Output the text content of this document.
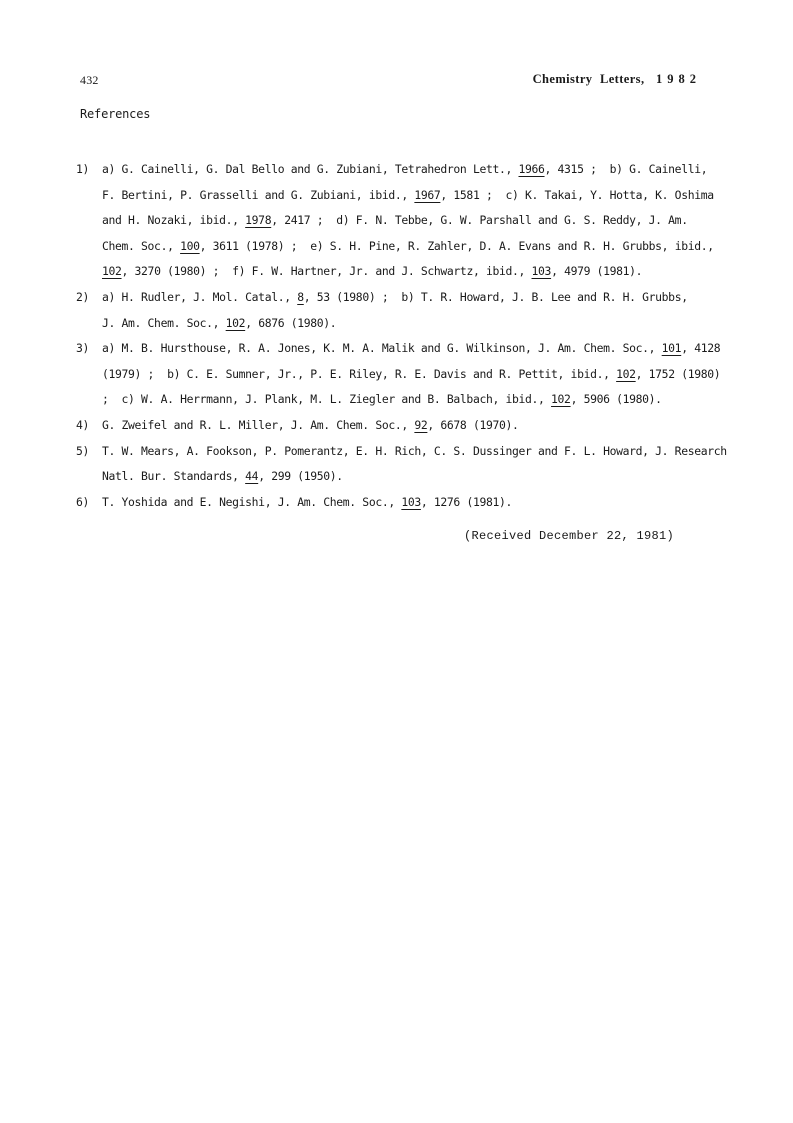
432	Chemistry Letters, 1982
References
1)	a) G. Cainelli, G. Dal Bello and G. Zubiani, Tetrahedron Lett., 1966, 4315 ;  b) G. Cainelli,
F. Bertini, P. Grasselli and G. Zubiani, ibid., 1967, 1581 ;  c) K. Takai, Y. Hotta, K. Oshima
and H. Nozaki, ibid., 1978, 2417 ;  d) F. N. Tebbe, G. W. Parshall and G. S. Reddy, J. Am.
Chem. Soc., 100, 3611 (1978) ;  e) S. H. Pine, R. Zahler, D. A. Evans and R. H. Grubbs, ibid.,
102, 3270 (1980) ;  f) F. W. Hartner, Jr. and J. Schwartz, ibid., 103, 4979 (1981).
2)	a) H. Rudler, J. Mol. Catal., 8, 53 (1980) ;  b) T. R. Howard, J. B. Lee and R. H. Grubbs,
J. Am. Chem. Soc., 102, 6876 (1980).
3)	a) M. B. Hursthouse, R. A. Jones, K. M. A. Malik and G. Wilkinson, J. Am. Chem. Soc., 101, 4128
(1979) ;  b) C. E. Sumner, Jr., P. E. Riley, R. E. Davis and R. Pettit, ibid., 102, 1752 (1980)
;  c) W. A. Herrmann, J. Plank, M. L. Ziegler and B. Balbach, ibid., 102, 5906 (1980).
4)	G. Zweifel and R. L. Miller, J. Am. Chem. Soc., 92, 6678 (1970).
5)	T. W. Mears, A. Fookson, P. Pomerantz, E. H. Rich, C. S. Dussinger and F. L. Howard, J. Research
Natl. Bur. Standards, 44, 299 (1950).
6)	T. Yoshida and E. Negishi, J. Am. Chem. Soc., 103, 1276 (1981).
(Received December 22, 1981)
